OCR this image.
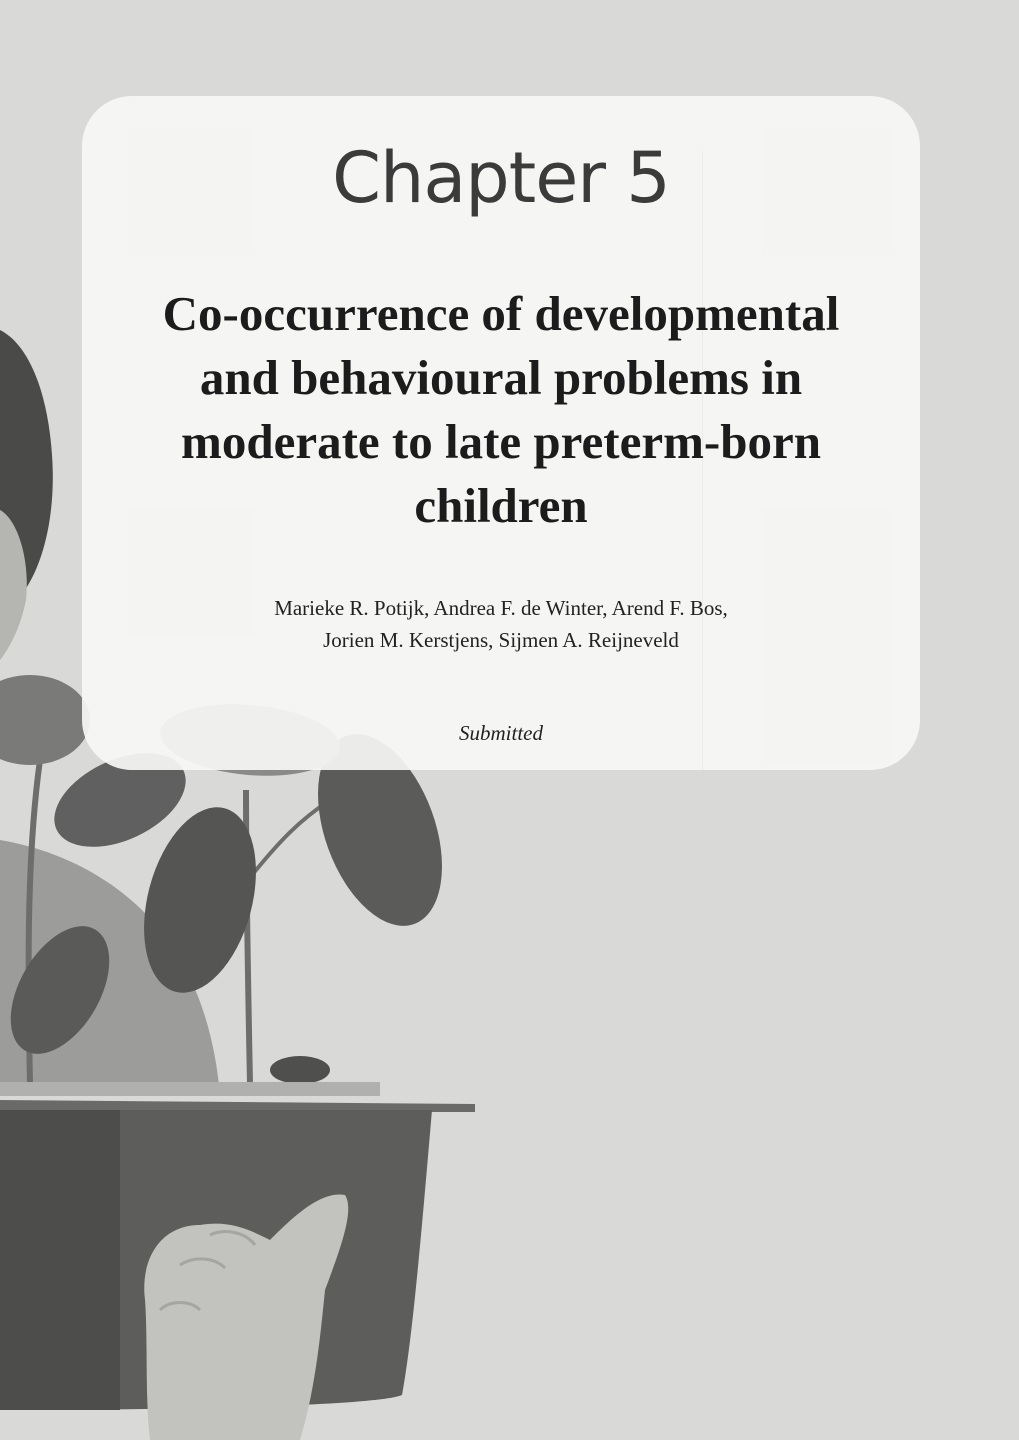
Chapter 5
Co-occurrence of developmental and behavioural problems in moderate to late preterm-born children
Marieke R. Potijk, Andrea F. de Winter, Arend F. Bos,
Jorien M. Kerstjens, Sijmen A. Reijneveld
Submitted
